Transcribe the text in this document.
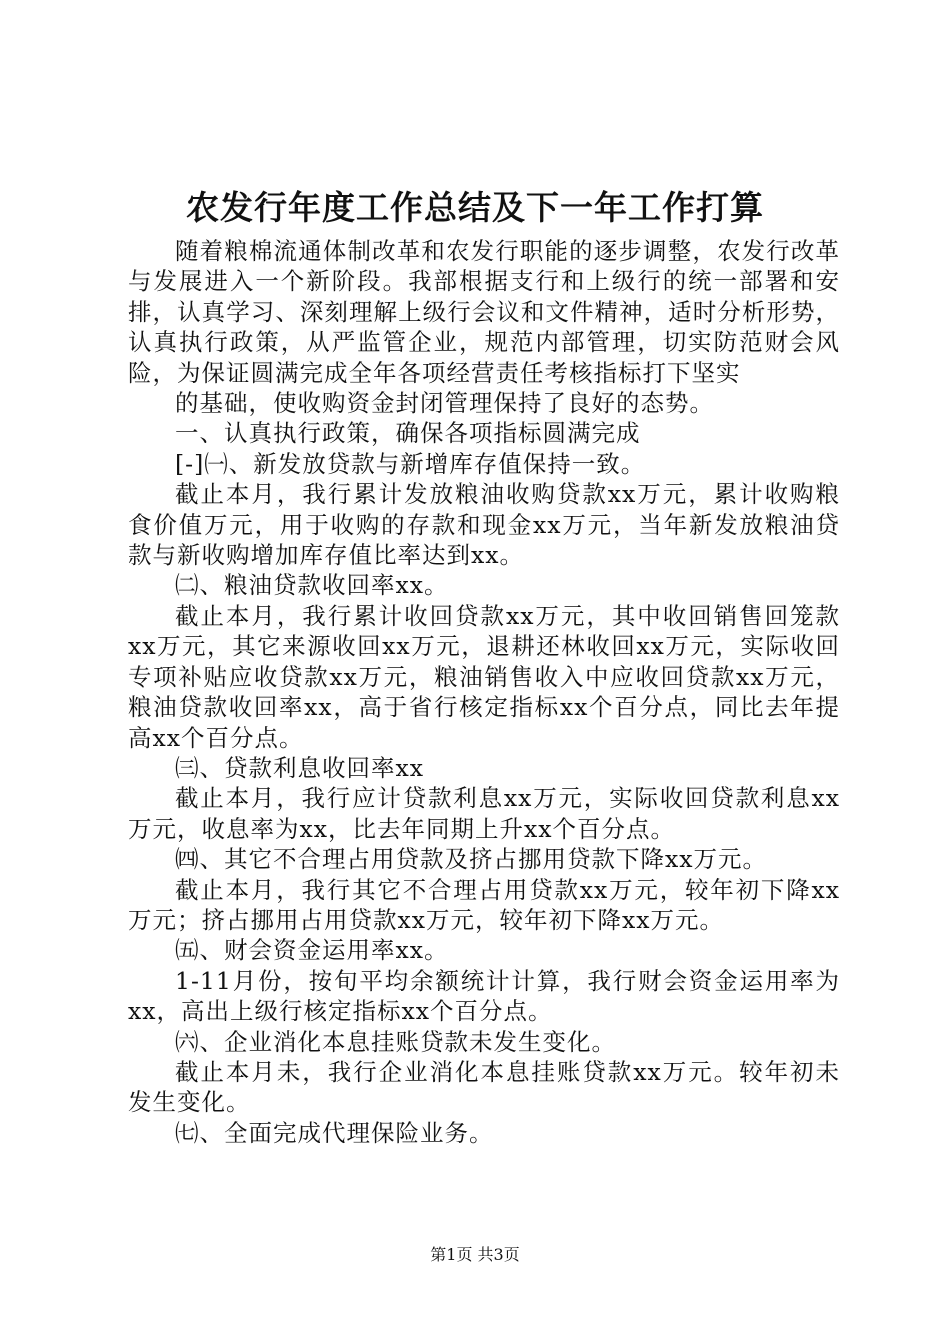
农发行年度工作总结及下一年工作打算

随着粮棉流通体制改革和农发行职能的逐步调整，农发行改革与发展进入一个新阶段。我部根据支行和上级行的统一部署和安排，认真学习、深刻理解上级行会议和文件精神，适时分析形势，认真执行政策，从严监管企业，规范内部管理，切实防范财会风险，为保证圆满完成全年各项经营责任考核指标打下坚实

的基础，使收购资金封闭管理保持了良好的态势。

一、认真执行政策，确保各项指标圆满完成

[-]㈠、新发放贷款与新增库存值保持一致。

截止本月，我行累计发放粮油收购贷款xx万元，累计收购粮食价值万元，用于收购的存款和现金xx万元，当年新发放粮油贷款与新收购增加库存值比率达到xx。

㈡、粮油贷款收回率xx。

截止本月，我行累计收回贷款xx万元，其中收回销售回笼款xx万元，其它来源收回xx万元，退耕还林收回xx万元，实际收回专项补贴应收贷款xx万元，粮油销售收入中应收回贷款xx万元，粮油贷款收回率xx，高于省行核定指标xx个百分点，同比去年提高xx个百分点。

㈢、贷款利息收回率xx

截止本月，我行应计贷款利息xx万元，实际收回贷款利息xx万元，收息率为xx，比去年同期上升xx个百分点。

㈣、其它不合理占用贷款及挤占挪用贷款下降xx万元。

截止本月，我行其它不合理占用贷款xx万元，较年初下降xx万元；挤占挪用占用贷款xx万元，较年初下降xx万元。

㈤、财会资金运用率xx。

1-11月份，按旬平均余额统计计算，我行财会资金运用率为xx，高出上级行核定指标xx个百分点。

㈥、企业消化本息挂账贷款未发生变化。

截止本月未，我行企业消化本息挂账贷款xx万元。较年初未发生变化。

㈦、全面完成代理保险业务。

第1页 共3页
